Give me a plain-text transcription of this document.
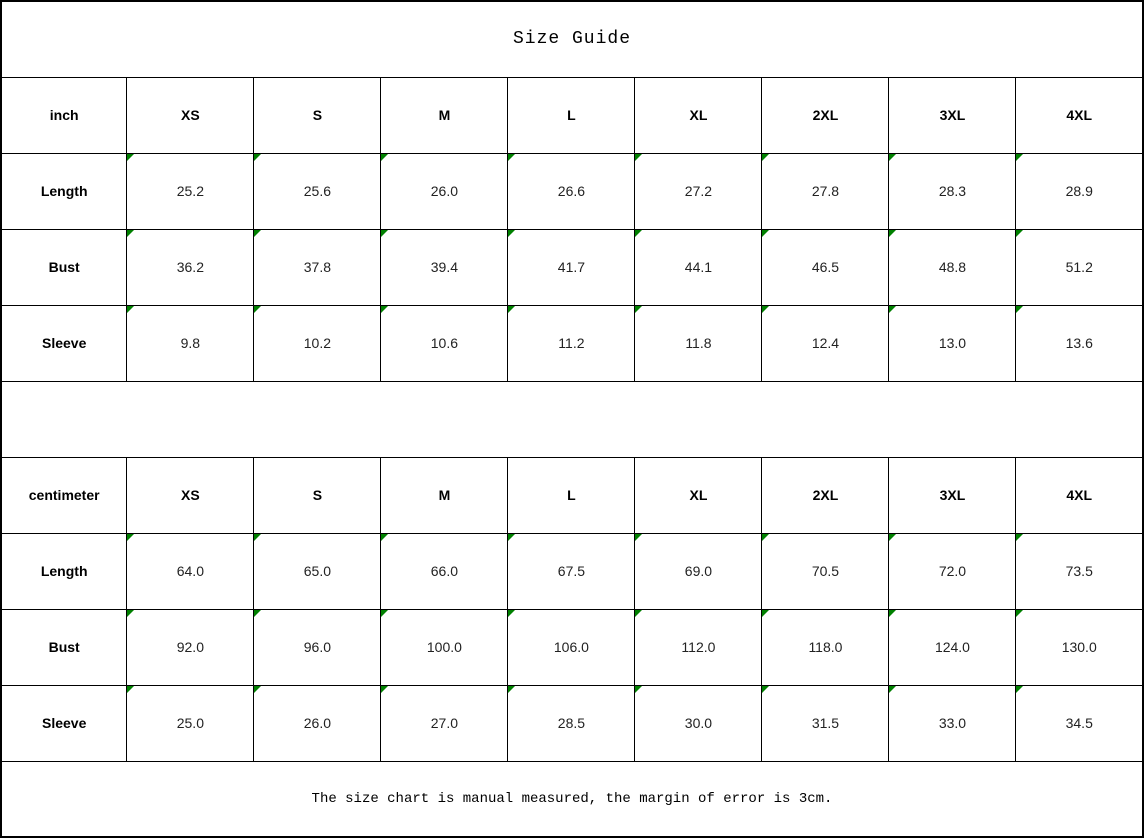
Size Guide								
inch	XS	S	M	L	XL	2XL	3XL	4XL
Length	25.2	25.6	26.0	26.6	27.2	27.8	28.3	28.9
Bust	36.2	37.8	39.4	41.7	44.1	46.5	48.8	51.2
Sleeve	9.8	10.2	10.6	11.2	11.8	12.4	13.0	13.6

centimeter	XS	S	M	L	XL	2XL	3XL	4XL
Length	64.0	65.0	66.0	67.5	69.0	70.5	72.0	73.5
Bust	92.0	96.0	100.0	106.0	112.0	118.0	124.0	130.0
Sleeve	25.0	26.0	27.0	28.5	30.0	31.5	33.0	34.5
The size chart is manual measured, the margin of error is 3cm.								
